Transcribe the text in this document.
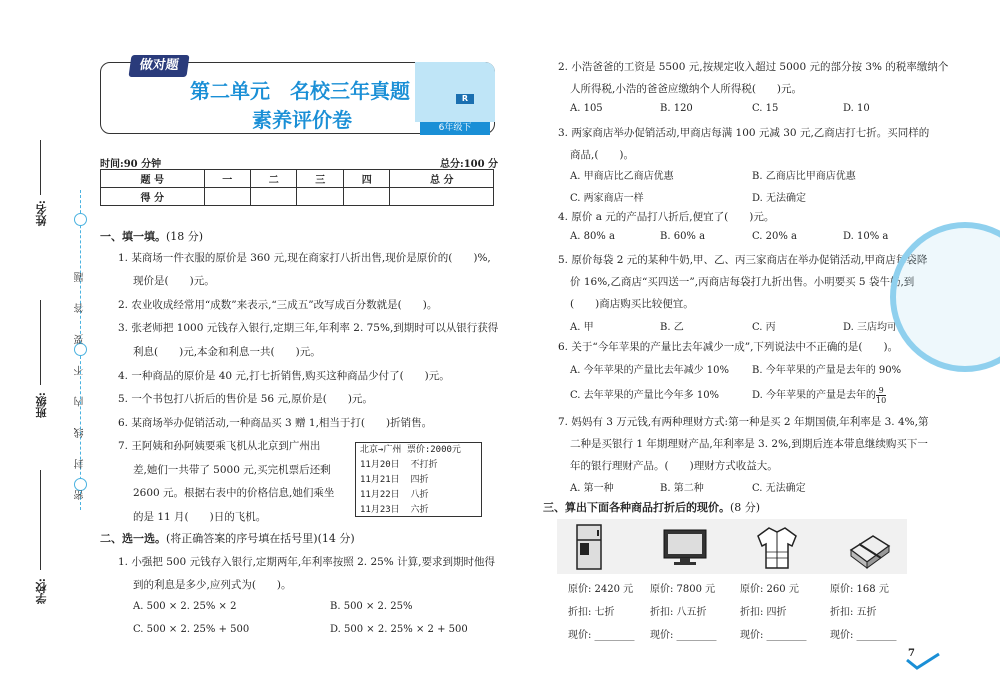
姓名:
班级:
学校:
密 封 线 内 不 要 答 题
做对题
第二单元　名校三年真题
素养评价卷
R
6年级下
时间:90 分钟	总分:100 分
题 号	一	二	三	四	总 分
得 分					
一、填一填。(18 分)
1. 某商场一件衣服的原价是 360 元,现在商家打八折出售,现价是原价的(　　)%,
现价是(　　)元。
2. 农业收成经常用“成数”来表示,“三成五”改写成百分数就是(　　)。
3. 张老师把 1000 元钱存入银行,定期三年,年利率 2. 75%,到期时可以从银行获得
利息(　　)元,本金和利息一共(　　)元。
4. 一种商品的原价是 40 元,打七折销售,购买这种商品少付了(　　)元。
5. 一个书包打八折后的售价是 56 元,原价是(　　)元。
6. 某商场举办促销活动,一种商品买 3 赠 1,相当于打(　　)折销售。
7. 王阿姨和孙阿姨要乘飞机从北京到广州出
差,她们一共带了 5000 元,买完机票后还剩
2600 元。根据右表中的价格信息,她们乘坐
的是 11 月(　　)日的飞机。
北京→广州 票价:2000元
11月20日  不打折
11月21日  四折
11月22日  八折
11月23日  六折
二、选一选。(将正确答案的序号填在括号里)(14 分)
1. 小强把 500 元钱存入银行,定期两年,年利率按照 2. 25% 计算,要求到期时他得
到的利息是多少,应列式为(　　)。
A. 500 × 2. 25% × 2	B. 500 × 2. 25%
C. 500 × 2. 25% + 500	D. 500 × 2. 25% × 2 + 500
2. 小浩爸爸的工资是 5500 元,按规定收入超过 5000 元的部分按 3% 的税率缴纳个
人所得税,小浩的爸爸应缴纳个人所得税(　　)元。
A. 105	B. 120	C. 15	D. 10
3. 两家商店举办促销活动,甲商店每满 100 元减 30 元,乙商店打七折。买同样的
商品,(　　)。
A. 甲商店比乙商店优惠	B. 乙商店比甲商店优惠
C. 两家商店一样	D. 无法确定
4. 原价 a 元的产品打八折后,便宜了(　　)元。
A. 80% a	B. 60% a	C. 20% a	D. 10% a
5. 原价每袋 2 元的某种牛奶,甲、乙、丙三家商店在举办促销活动,甲商店每袋降
价 16%,乙商店“买四送一”,丙商店每袋打九折出售。小明要买 5 袋牛奶,到
(　　)商店购买比较便宜。
A. 甲	B. 乙	C. 丙	D. 三店均可
6. 关于“今年苹果的产量比去年减少一成”,下列说法中不正确的是(　　)。
A. 今年苹果的产量比去年减少 10% B. 今年苹果的产量是去年的 90%
C. 去年苹果的产量比今年多 10%	D. 今年苹果的产量是去年的 $\frac{9}{10}$
7. 妈妈有 3 万元钱,有两种理财方式:第一种是买 2 年期国债,年利率是 3. 4%,第
二种是买银行 1 年期理财产品,年利率是 3. 2%,到期后连本带息继续购买下一
年的银行理财产品。(　　)理财方式收益大。
A. 第一种	B. 第二种	C. 无法确定
三、算出下面各种商品打折后的现价。(8 分)
原价: 2420 元
折扣: 七折
现价: ________
原价: 7800 元
折扣: 八五折
现价: ________
原价: 260 元
折扣: 四折
现价: ________
原价: 168 元
折扣: 五折
现价: ________
7
